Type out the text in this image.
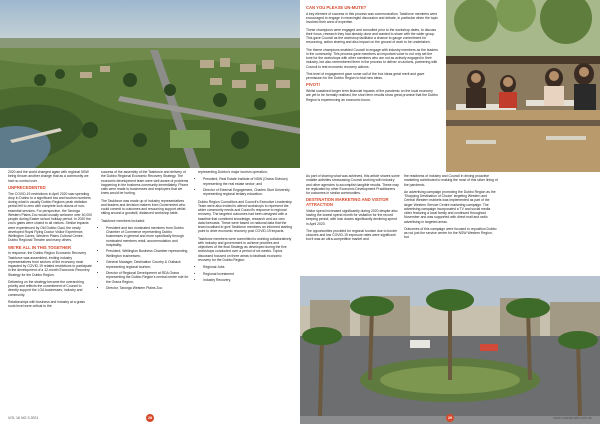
2020 and the world changed again with regional NSW being thrown another change that as a community we had no control over.

UNPRECEDENTED

The COVID-19 restrictions in April 2020 saw spending drop in Dubbo to a significant low and tourism numbers during what is usually Dubbo Regions peak visitation period fell to zero with complete lock downs of non-essential services. For perspective, the Taronga Western Plains Zoo would usually welcome over 40,000 people during Easter school holiday period. In 2020 the zoo's gates were closed to all visitors. Similar impacts were experienced by Old Dubbo Gaol, the newly developed Royal Flying Doctor Visitor Experience, Wellington Caves, Western Plains Cultural Centre, Dubbo Regional Theatre and many others.

WE'RE ALL IN THIS TOGETHER

In response, the Dubbo Region Economic Recovery Taskforce was assembled, inviting industry representatives from sectors of the economy most impacted by COVID-19 related restrictions to participate in the development of a 12-month Economic Recovery Strategy for the Dubbo Region.

Delivering on the strategy became the overarching priority and reflects the commitment of Council to directly support the LGA businesses, industry and community.

Relationships with business and industry at a grass roots level were critical to the

success of the assembly of the Taskforce and delivery of the Dubbo Regional Economic Recovery Strategy. The economic development team were well aware of problems happening in the business community immediately. Phone calls were made to businesses and employers that we knew would be hurting.

The Taskforce was made up of industry representatives and leaders and decision makers from Government who could commit to outcomes and resourcing support whilst sitting around a goodwill, distanced workshop table.

Taskforce members included:

• President and two nominated members from Dubbo Chamber of Commerce representing Dubbo businesses in general and more specifically through nominated members retail, accommodation and hospitality;
• President, Wellington Business Chamber representing Wellington businesses;
• General Manager, Destination Country & Outback representing regional tourism;
• Director of Regional Development at RDA Orana representing the Dubbo Region's central centre role for the Orana Region;
• Director, Taronga Western Plains Zoo

representing Dubbo's major tourism operation;

• President, Real Estate Institute of NSW (Orana Division) representing the real estate sector; and
• Director of External Engagement, Charles Sturt University representing regional tertiary education.

Dubbo Region Councillors and Council's Executive Leadership Team were also invited to attend workshops to represent the wider community needs and Council's response to regional recovery. The targeted outcomes had been designed with a baseline that combined knowledge, research and our own data forecasts. These were based on national data that the team localised to give Taskforce members an informed starting point to drive economic recovery post COVID-19 impacts.

Taskforce members were committed to working collaboratively with industry and government to achieve priorities and objectives of the final Strategy as developed during the five workshops conducted over a period of six weeks. Topics discussed focused on three areas to fasttrack economic recovery for the Dubbo Region:

• Regional Jobs
• Regional Investment
• Industry Recovery.
VOL 16 NO 3 2021	28
CAN YOU PLEASE UN-MUTE?

A key element of success in this process was communication. Taskforce members were encouraged to engage in meaningful discussion and debate, in particular when the topic involved their area of expertise.

These champions were engaged and consulted prior to the workshop dates, to discuss their focus, research they had already done and wanted to share with the wider group. This gave Council as the workshop facilitator a chance to gauge commitment for resourcing, action sharing and also impact on the ground of work to be undertaken.

The theme champions enabled Council to engage with industry members as the leaders in the community. This process gave members an important voice to not only set the tone for the workshops with other members who are not as actively engaged in their industry, but also remembered them in the process to deliver on actions, partnering with Council to test economic recovery actions.

This level of engagement gave some call of the box ideas great merit and gave permission for the Dubbo Region to trial new ideas.

PIVOT!

Whilst sustained longer term financial impacts of the pandemic on the local economy are yet to be formally realised, the short term results show great promise that the Dubbo Region is experiencing an economic boom.

As part of sharing what was achieved, this article shares some notable activities showcasing Council working with industry and other agencies to accomplish tangible results. These may be replicated by other Economic Development Practitioners for outcomes in similar communities.

DESTINATION MARKETING AND VISITOR ATTRACTION

Visitor spend increased significantly during 2020 despite also having the lowest spend month for visitation for the record keeping period, with lock downs significantly declining spend in April 2020.

The opportunities provided for regional tourism due to border closures and low COVID-19 exposure rates were significant but it was an ultra-competitive market and

the readiness of industry and Council in driving proactive marketing contributed to making the most of this silver lining of the pandemic.

An advertising campaign promoting the Dubbo Region as the 'Shopping Destination of Choice' targeting Western and Central Western markets was implemented as part of the larger Western Service Centre marketing campaign. The advertising campaign incorporated a TV and social media video featuring a local family and continued throughout November and was supported with direct mail and radio advertising in targeted areas.

Outcomes of this campaign were focused to reposition Dubbo as not just the service centre for the NSW Western Region, but

www.edaustralia.com.au
29
